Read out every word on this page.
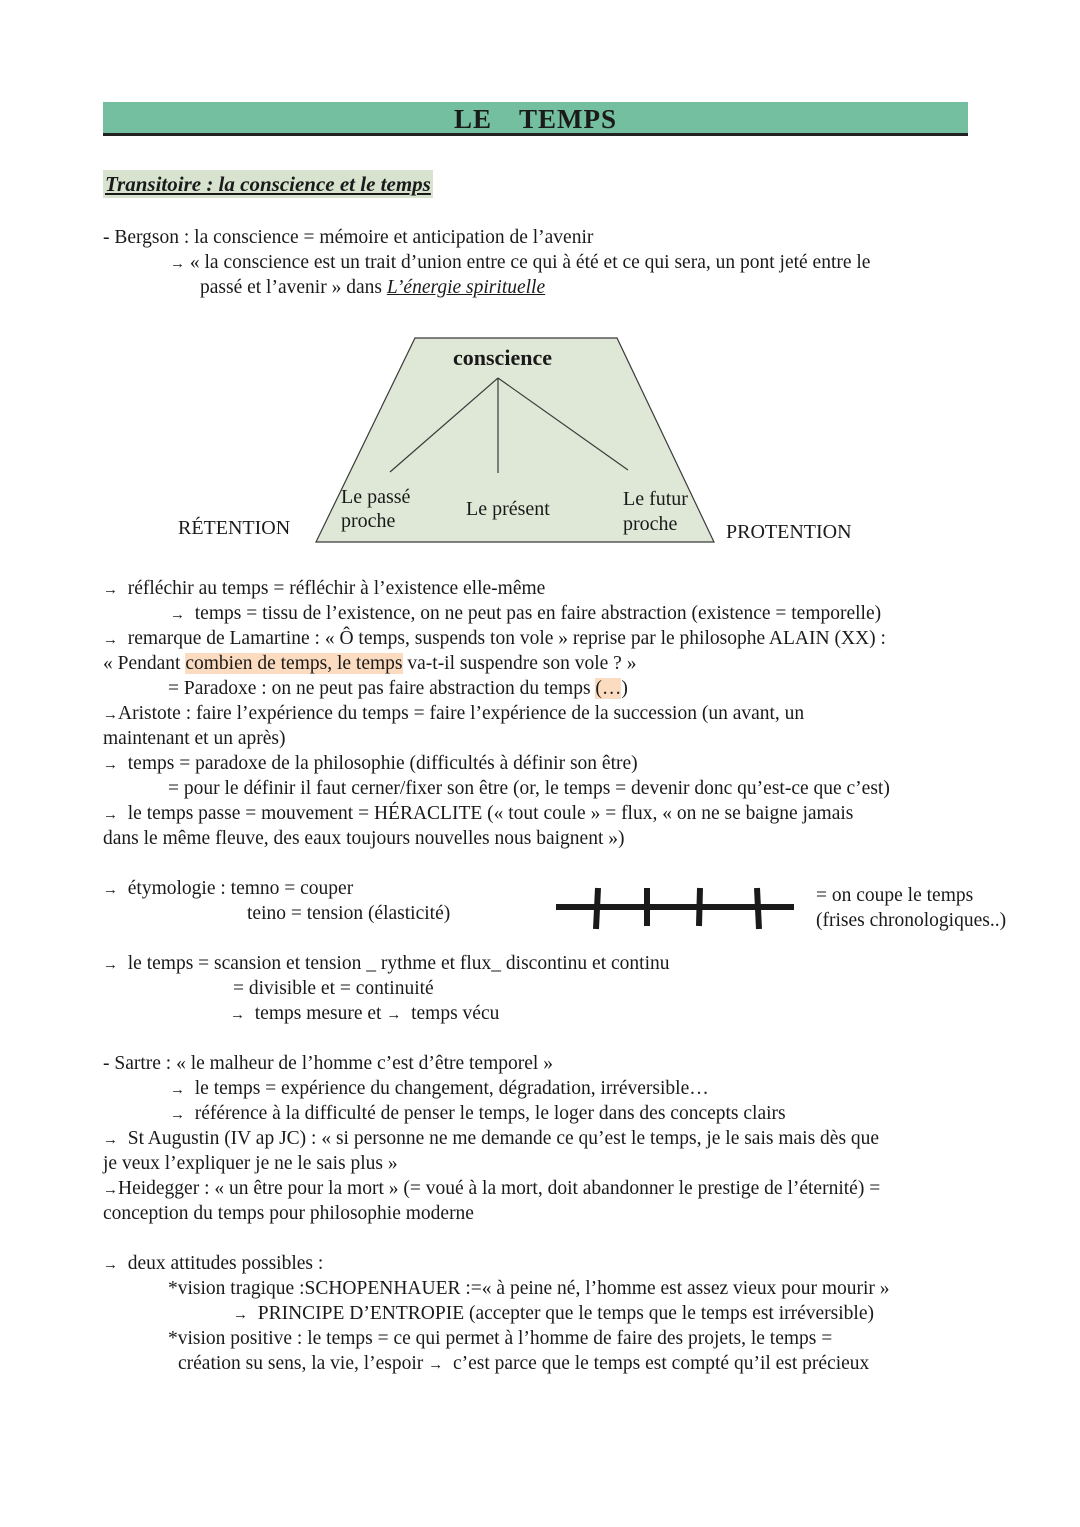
LE TEMPS
Transitoire : la conscience et le temps
- Bergson : la conscience = mémoire et anticipation de l’avenir
→ « la conscience est un trait d’union entre ce qui à été et ce qui sera, un pont jeté entre le
passé et l’avenir » dans L’énergie spirituelle
conscience
Le passé
proche
Le présent	Le futur
proche
RÉTENTION	PROTENTION
→ réfléchir au temps = réfléchir à l’existence elle-même
→ temps = tissu de l’existence, on ne peut pas en faire abstraction (existence = temporelle)
→ remarque de Lamartine : « Ô temps, suspends ton vole » reprise par le philosophe ALAIN (XX) :
« Pendant combien de temps, le temps va-t-il suspendre son vole ? »
= Paradoxe : on ne peut pas faire abstraction du temps (…)
→Aristote : faire l’expérience du temps = faire l’expérience de la succession (un avant, un
maintenant et un après)
→ temps = paradoxe de la philosophie (difficultés à définir son être)
= pour le définir il faut cerner/fixer son être (or, le temps = devenir donc qu’est-ce que c’est)
→ le temps passe = mouvement = HÉRACLITE (« tout coule » = flux, « on ne se baigne jamais
dans le même fleuve, des eaux toujours nouvelles nous baignent »)
→ étymologie : temno = couper
teino = tension (élasticité)
= on coupe le temps
(frises chronologiques..)
→ le temps = scansion et tension _ rythme et flux_ discontinu et continu
= divisible et = continuité
→ temps mesure et → temps vécu
- Sartre : « le malheur de l’homme c’est d’être temporel »
→ le temps = expérience du changement, dégradation, irréversible…
→ référence à la difficulté de penser le temps, le loger dans des concepts clairs
→ St Augustin (IV ap JC) : « si personne ne me demande ce qu’est le temps, je le sais mais dès que
je veux l’expliquer je ne le sais plus »
→Heidegger : « un être pour la mort » (= voué à la mort, doit abandonner le prestige de l’éternité) =
conception du temps pour philosophie moderne
→ deux attitudes possibles :
*vision tragique :SCHOPENHAUER :=« à peine né, l’homme est assez vieux pour mourir »
→ PRINCIPE D’ENTROPIE (accepter que le temps que le temps est irréversible)
*vision positive : le temps = ce qui permet à l’homme de faire des projets, le temps =
création su sens, la vie, l’espoir → c’est parce que le temps est compté qu’il est précieux
